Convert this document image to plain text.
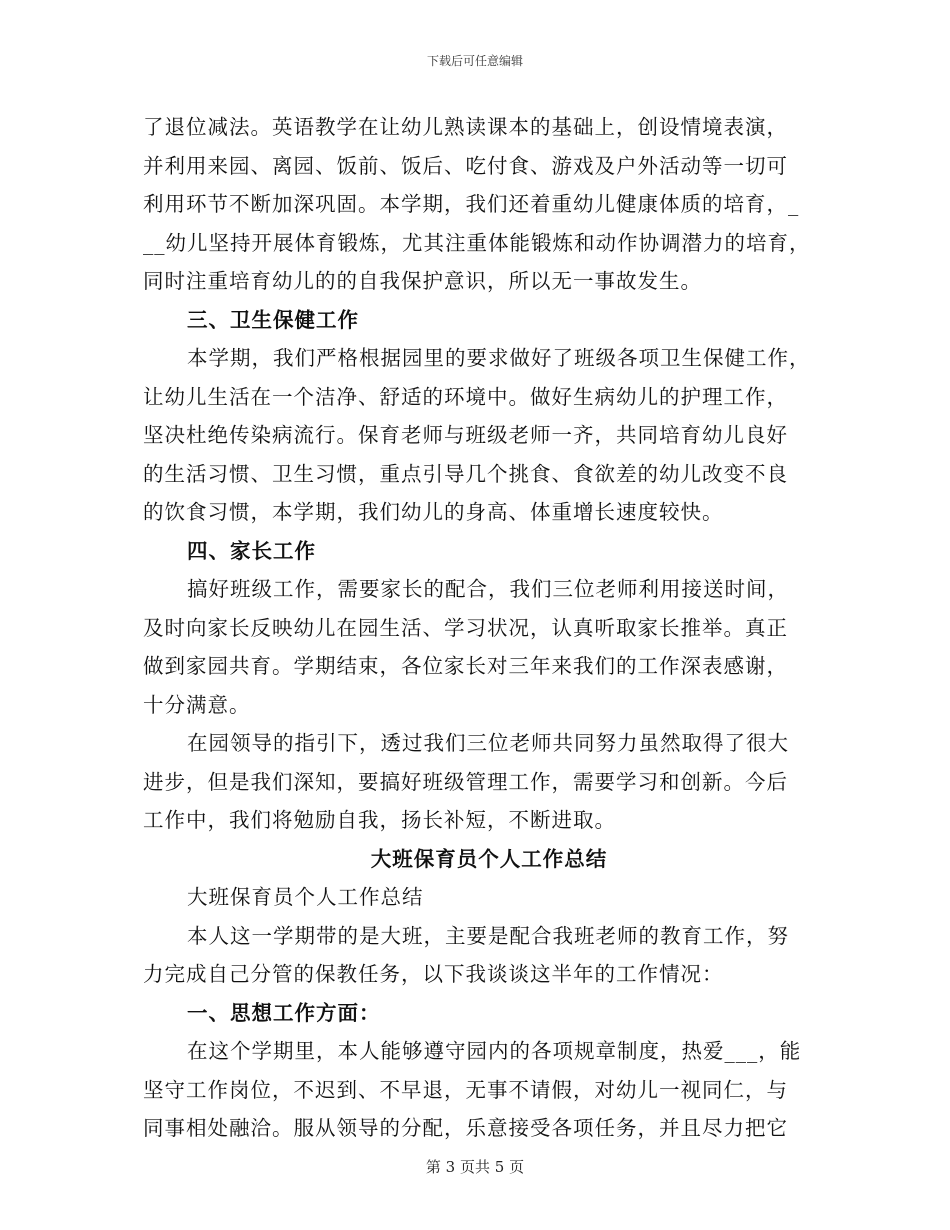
下载后可任意编辑
了退位减法。英语教学在让幼儿熟读课本的基础上，创设情境表演，
并利用来园、离园、饭前、饭后、吃付食、游戏及户外活动等一切可
利用环节不断加深巩固。本学期，我们还着重幼儿健康体质的培育，_
__幼儿坚持开展体育锻炼，尤其注重体能锻炼和动作协调潜力的培育，
同时注重培育幼儿的的自我保护意识，所以无一事故发生。
三、卫生保健工作
本学期，我们严格根据园里的要求做好了班级各项卫生保健工作，
让幼儿生活在一个洁净、舒适的环境中。做好生病幼儿的护理工作，
坚决杜绝传染病流行。保育老师与班级老师一齐，共同培育幼儿良好
的生活习惯、卫生习惯，重点引导几个挑食、食欲差的幼儿改变不良
的饮食习惯，本学期，我们幼儿的身高、体重增长速度较快。
四、家长工作
搞好班级工作，需要家长的配合，我们三位老师利用接送时间，
及时向家长反映幼儿在园生活、学习状况，认真听取家长推举。真正
做到家园共育。学期结束，各位家长对三年来我们的工作深表感谢，
十分满意。
在园领导的指引下，透过我们三位老师共同努力虽然取得了很大
进步，但是我们深知，要搞好班级管理工作，需要学习和创新。今后
工作中，我们将勉励自我，扬长补短，不断进取。
大班保育员个人工作总结
大班保育员个人工作总结
本人这一学期带的是大班，主要是配合我班老师的教育工作，努
力完成自己分管的保教任务，以下我谈谈这半年的工作情况：
一、思想工作方面：
在这个学期里，本人能够遵守园内的各项规章制度，热爱___，能
坚守工作岗位，不迟到、不早退，无事不请假，对幼儿一视同仁，与
同事相处融洽。服从领导的分配，乐意接受各项任务，并且尽力把它
第 3 页共 5 页
